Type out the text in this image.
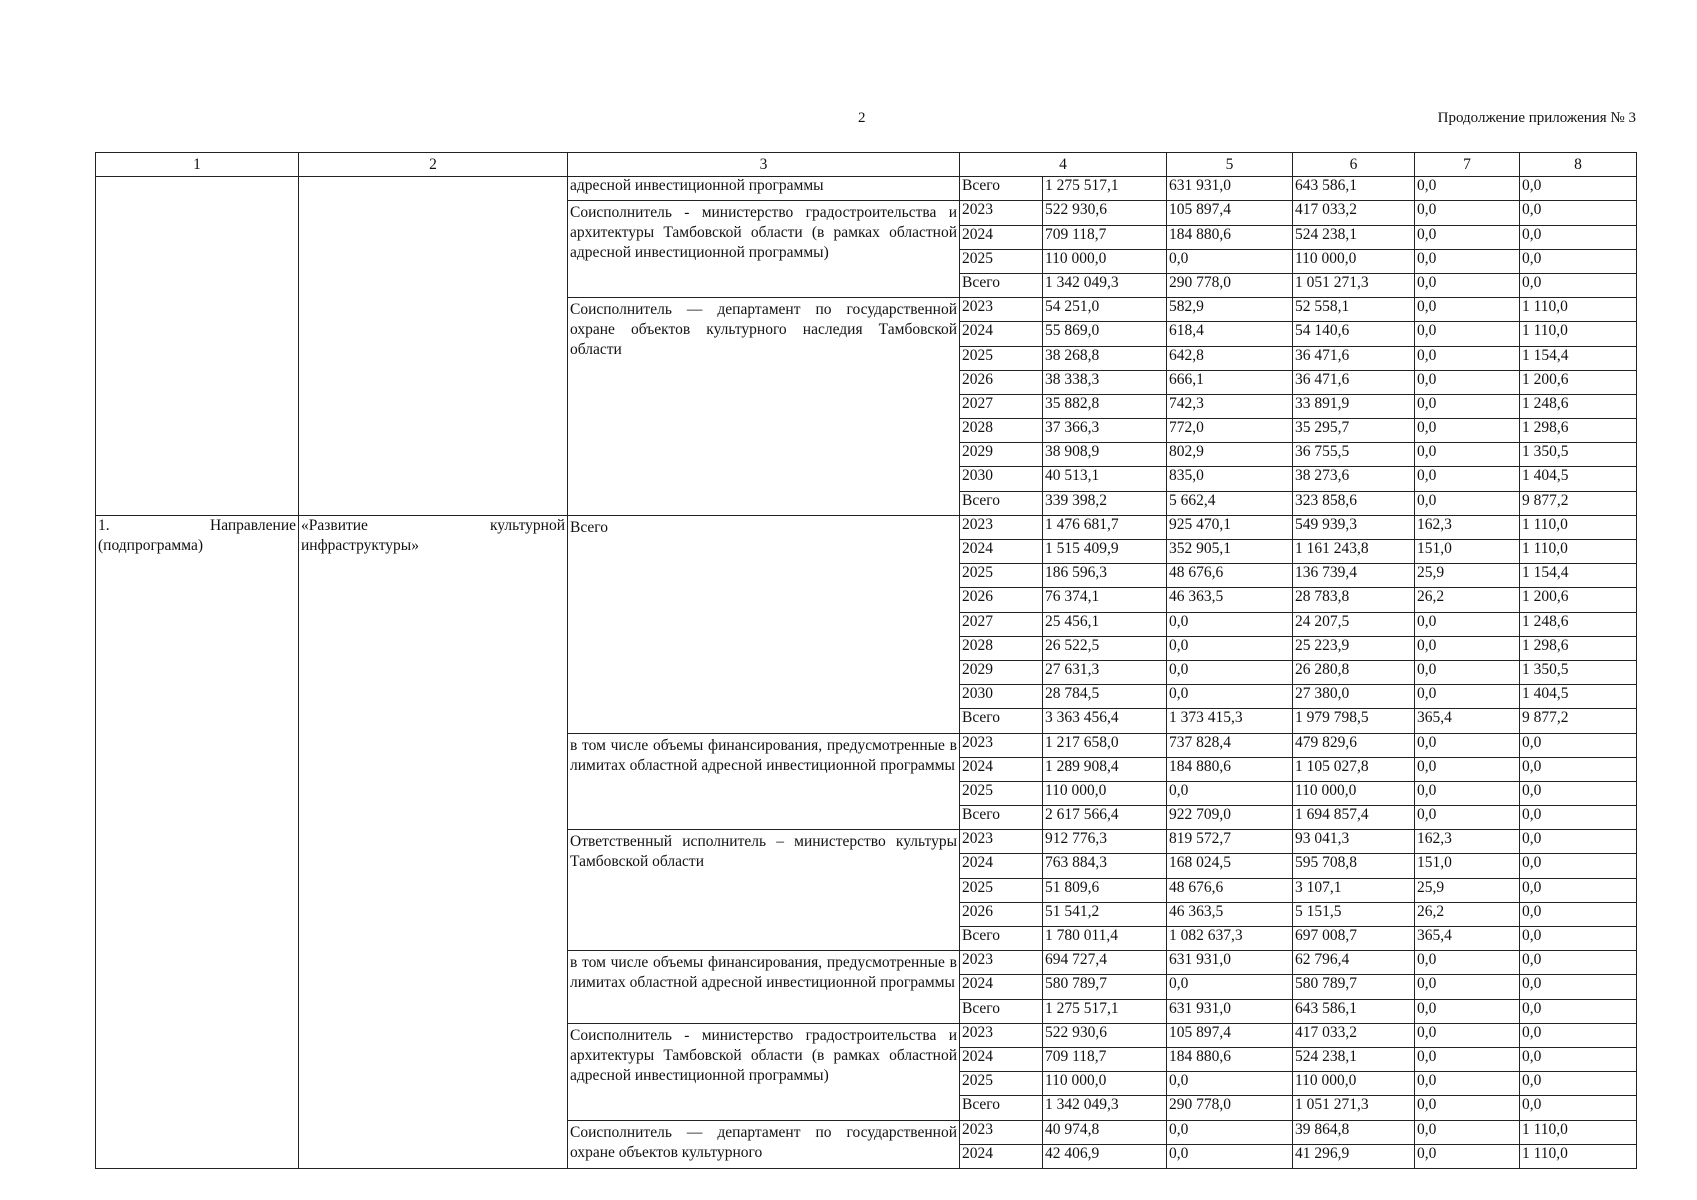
2	Продолжение приложения № 3
1	2	3	4		5	6	7	8
		адресной инвестиционной программы	Всего	1 275 517,1	631 931,0	643 586,1	0,0	0,0
		Соисполнитель - министерство градостроительства и архитектуры Тамбовской области (в рамках областной адресной инвестиционной программы)	2023	522 930,6	105 897,4	417 033,2	0,0	0,0
			2024	709 118,7	184 880,6	524 238,1	0,0	0,0
			2025	110 000,0	0,0	110 000,0	0,0	0,0
			Всего	1 342 049,3	290 778,0	1 051 271,3	0,0	0,0
		Соисполнитель — департамент по государственной охране объектов культурного наследия Тамбовской области	2023	54 251,0	582,9	52 558,1	0,0	1 110,0
			2024	55 869,0	618,4	54 140,6	0,0	1 110,0
			2025	38 268,8	642,8	36 471,6	0,0	1 154,4
			2026	38 338,3	666,1	36 471,6	0,0	1 200,6
			2027	35 882,8	742,3	33 891,9	0,0	1 248,6
			2028	37 366,3	772,0	35 295,7	0,0	1 298,6
			2029	38 908,9	802,9	36 755,5	0,0	1 350,5
			2030	40 513,1	835,0	38 273,6	0,0	1 404,5
			Всего	339 398,2	5 662,4	323 858,6	0,0	9 877,2
1. Направление (подпрограмма)	«Развитие культурной инфраструктуры»	Всего	2023	1 476 681,7	925 470,1	549 939,3	162,3	1 110,0
			2024	1 515 409,9	352 905,1	1 161 243,8	151,0	1 110,0
			2025	186 596,3	48 676,6	136 739,4	25,9	1 154,4
			2026	76 374,1	46 363,5	28 783,8	26,2	1 200,6
			2027	25 456,1	0,0	24 207,5	0,0	1 248,6
			2028	26 522,5	0,0	25 223,9	0,0	1 298,6
			2029	27 631,3	0,0	26 280,8	0,0	1 350,5
			2030	28 784,5	0,0	27 380,0	0,0	1 404,5
			Всего	3 363 456,4	1 373 415,3	1 979 798,5	365,4	9 877,2
		в том числе объемы финансирования, предусмотренные в лимитах областной адресной инвестиционной программы	2023	1 217 658,0	737 828,4	479 829,6	0,0	0,0
			2024	1 289 908,4	184 880,6	1 105 027,8	0,0	0,0
			2025	110 000,0	0,0	110 000,0	0,0	0,0
			Всего	2 617 566,4	922 709,0	1 694 857,4	0,0	0,0
		Ответственный исполнитель – министерство культуры Тамбовской области	2023	912 776,3	819 572,7	93 041,3	162,3	0,0
			2024	763 884,3	168 024,5	595 708,8	151,0	0,0
			2025	51 809,6	48 676,6	3 107,1	25,9	0,0
			2026	51 541,2	46 363,5	5 151,5	26,2	0,0
			Всего	1 780 011,4	1 082 637,3	697 008,7	365,4	0,0
		в том числе объемы финансирования, предусмотренные в лимитах областной адресной инвестиционной программы	2023	694 727,4	631 931,0	62 796,4	0,0	0,0
			2024	580 789,7	0,0	580 789,7	0,0	0,0
			Всего	1 275 517,1	631 931,0	643 586,1	0,0	0,0
		Соисполнитель - министерство градостроительства и архитектуры Тамбовской области (в рамках областной адресной инвестиционной программы)	2023	522 930,6	105 897,4	417 033,2	0,0	0,0
			2024	709 118,7	184 880,6	524 238,1	0,0	0,0
			2025	110 000,0	0,0	110 000,0	0,0	0,0
			Всего	1 342 049,3	290 778,0	1 051 271,3	0,0	0,0
		Соисполнитель — департамент по государственной охране объектов культурного	2023	40 974,8	0,0	39 864,8	0,0	1 110,0
			2024	42 406,9	0,0	41 296,9	0,0	1 110,0
